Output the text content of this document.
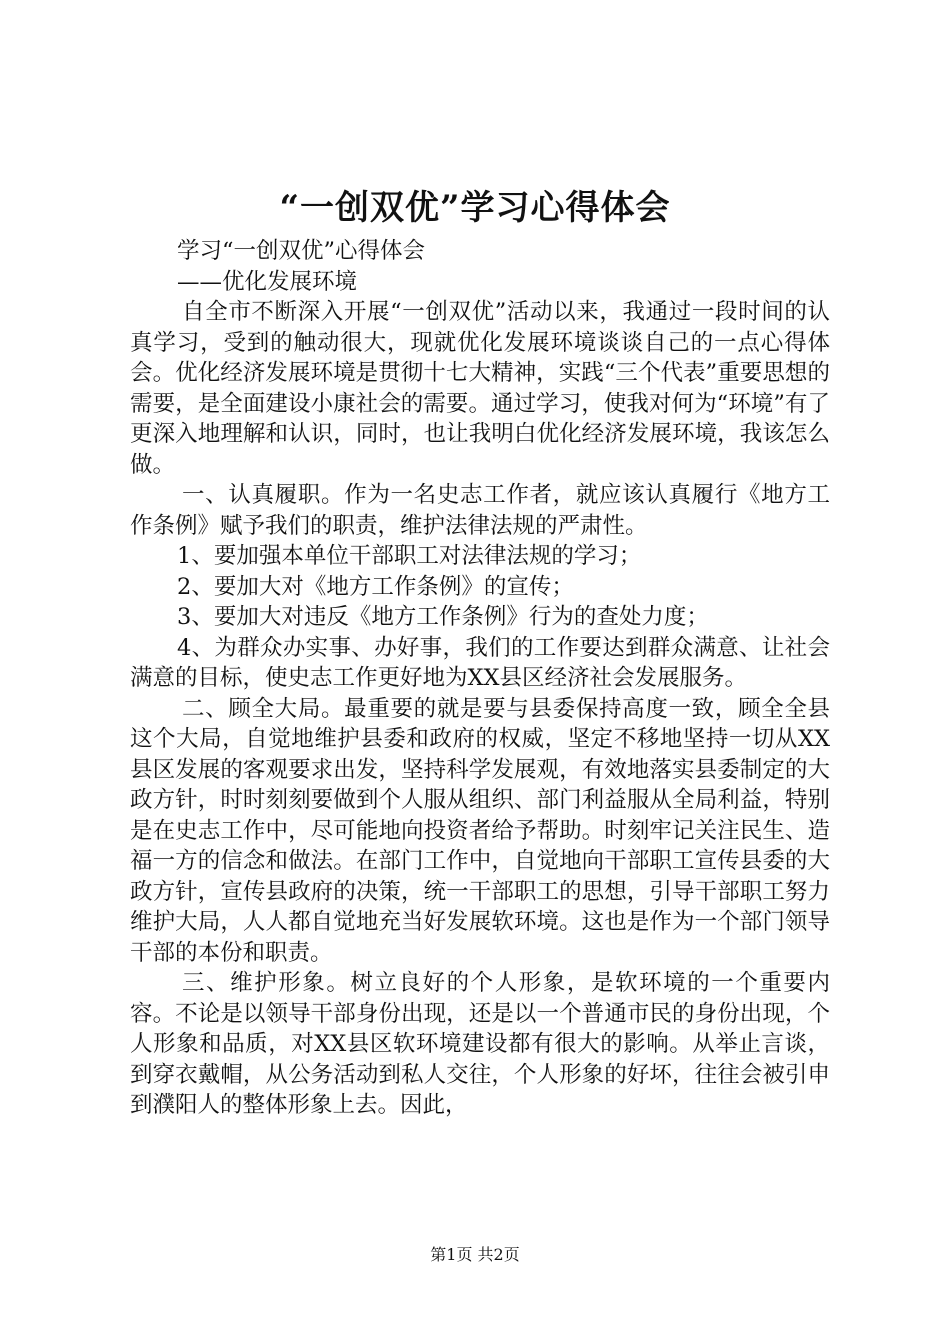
“一创双优”学习心得体会

学习“一创双优”心得体会

——优化发展环境

自全市不断深入开展“一创双优”活动以来，我通过一段时间的认真学习，受到的触动很大，现就优化发展环境谈谈自己的一点心得体会。优化经济发展环境是贯彻十七大精神，实践“三个代表”重要思想的需要，是全面建设小康社会的需要。通过学习，使我对何为“环境”有了更深入地理解和认识，同时，也让我明白优化经济发展环境，我该怎么做。

一、认真履职。作为一名史志工作者，就应该认真履行《地方工作条例》赋予我们的职责，维护法律法规的严肃性。

1、要加强本单位干部职工对法律法规的学习；

2、要加大对《地方工作条例》的宣传；

3、要加大对违反《地方工作条例》行为的查处力度；

4、为群众办实事、办好事，我们的工作要达到群众满意、让社会满意的目标，使史志工作更好地为XX县区经济社会发展服务。

二、顾全大局。最重要的就是要与县委保持高度一致，顾全全县这个大局，自觉地维护县委和政府的权威，坚定不移地坚持一切从XX县区发展的客观要求出发，坚持科学发展观，有效地落实县委制定的大政方针，时时刻刻要做到个人服从组织、部门利益服从全局利益，特别是在史志工作中，尽可能地向投资者给予帮助。时刻牢记关注民生、造福一方的信念和做法。在部门工作中，自觉地向干部职工宣传县委的大政方针，宣传县政府的决策，统一干部职工的思想，引导干部职工努力维护大局，人人都自觉地充当好发展软环境。这也是作为一个部门领导干部的本份和职责。

三、维护形象。树立良好的个人形象，是软环境的一个重要内容。不论是以领导干部身份出现，还是以一个普通市民的身份出现，个人形象和品质，对XX县区软环境建设都有很大的影响。从举止言谈，到穿衣戴帽，从公务活动到私人交往，个人形象的好坏，往往会被引申到濮阳人的整体形象上去。因此，

第1页 共2页
